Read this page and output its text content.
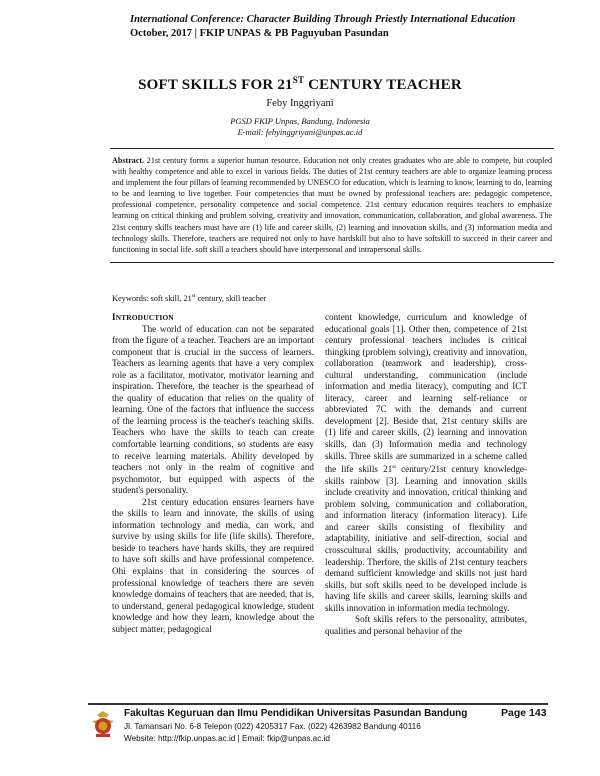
International Conference: Character Building Through Priestly International Education
October, 2017 | FKIP UNPAS & PB Paguyuban Pasundan
SOFT SKILLS FOR 21ST CENTURY TEACHER
Feby Inggriyani
PGSD FKIP Unpas, Bandung, Indonesia
E-mail: febyinggriyani@unpas.ac.id
Abstract. 21st century forms a superior human resource. Education not only creates graduates who are able to compete, but coupled with healthy competence and able to excel in various fields. The duties of 21st century teachers are able to organize learning process and implement the four pillars of learning recommended by UNESCO for education, which is learning to know, learning to do, learning to be and learning to live together. Four competencies that must be owned by professional teachers are: pedagogic competence, professional competence, personality competence and social competence. 21st century education requires teachers to emphasize learning on critical thinking and problem solving, creativity and innovation, communication, collaboration, and global awareness. The 21st century skills teachers must have are (1) life and career skills, (2) learning and innovation skills, and (3) information media and technology skills. Therefore, teachers are required not only to have hardskill but also to have softskill to succeed in their career and functioning in social life. soft skill a teachers should have interpersonal and intrapersonal skills.
Keywords: soft skill, 21st century, skill teacher

INTRODUCTION

The world of education can not be separated from the figure of a teacher. Teachers are an important component that is crucial in the success of learners. Teachers as learning agents that have a very complex role as a facilitator, motivator, motivator learning and inspiration. Therefore, the teacher is the spearhead of the quality of education that relies on the quality of learning. One of the factors that influence the success of the learning process is the teacher's teaching skills. Teachers who have the skills to teach can create comfortable learning conditions, so students are easy to receive learning materials. Ability developed by teachers not only in the realm of cognitive and psychomotor, but equipped with aspects of the student's personality.

21st century education ensures learners have the skills to learn and innovate, the skills of using information technology and media, can work, and survive by using skills for life (life skills). Therefore, beside to teachers have hards skills, they are required to have soft skills and have professional competence. Ohi explains that in considering the sources of professional knowledge of teachers there are seven knowledge domains of teachers that are needed, that is, to understand, general pedagogical knowledge, student knowledge and how they learn, knowledge about the subject matter, pedagogical

content knowledge, curriculum and knowledge of educational goals [1]. Other then, competence of 21st century professional teachers includes is critical thingking (problem solving), creativity and innovation, collaboration (teamwork and leadership), cross-cultural understanding, communication (include information and media literacy), computing and ICT literacy, career and learning self-reliance or abbreviated 7C with the demands and current development [2]. Beside that, 21st century skills are (1) life and career skills, (2) learning and innovation skills, dan (3) Information media and technology skills. Three skills are summarized in a scheme called the life skills 21st century/21st century knowledge-skills rainbow [3]. Learning and innovation skills include creativity and innovation, critical thinking and problem solving, communication and collaboration, and information literacy (information literacy). Life and career skills consisting of flexibility and adaptability, initiative and self-direction, social and crosscultural skills, productivity, accountability and leadership. Therfore, the skills of 21st century teachers demand sufficient knowledge and skills not just hard skills, but soft skills need to be developed include is having life skills and career skills, learning skills and skills innovation in information media technology.

Soft skills refers to the personality, attributes, qualities and personal behavior of the

Fakultas Keguruan dan Ilmu Pendidikan Universitas Pasundan Bandung
Jl. Tamansari No. 6-8 Telepon (022) 4205317 Fax. (022) 4263982 Bandung 40116
Website: http://fkip.unpas.ac.id | Email: fkip@unpas.ac.id
Page 143
